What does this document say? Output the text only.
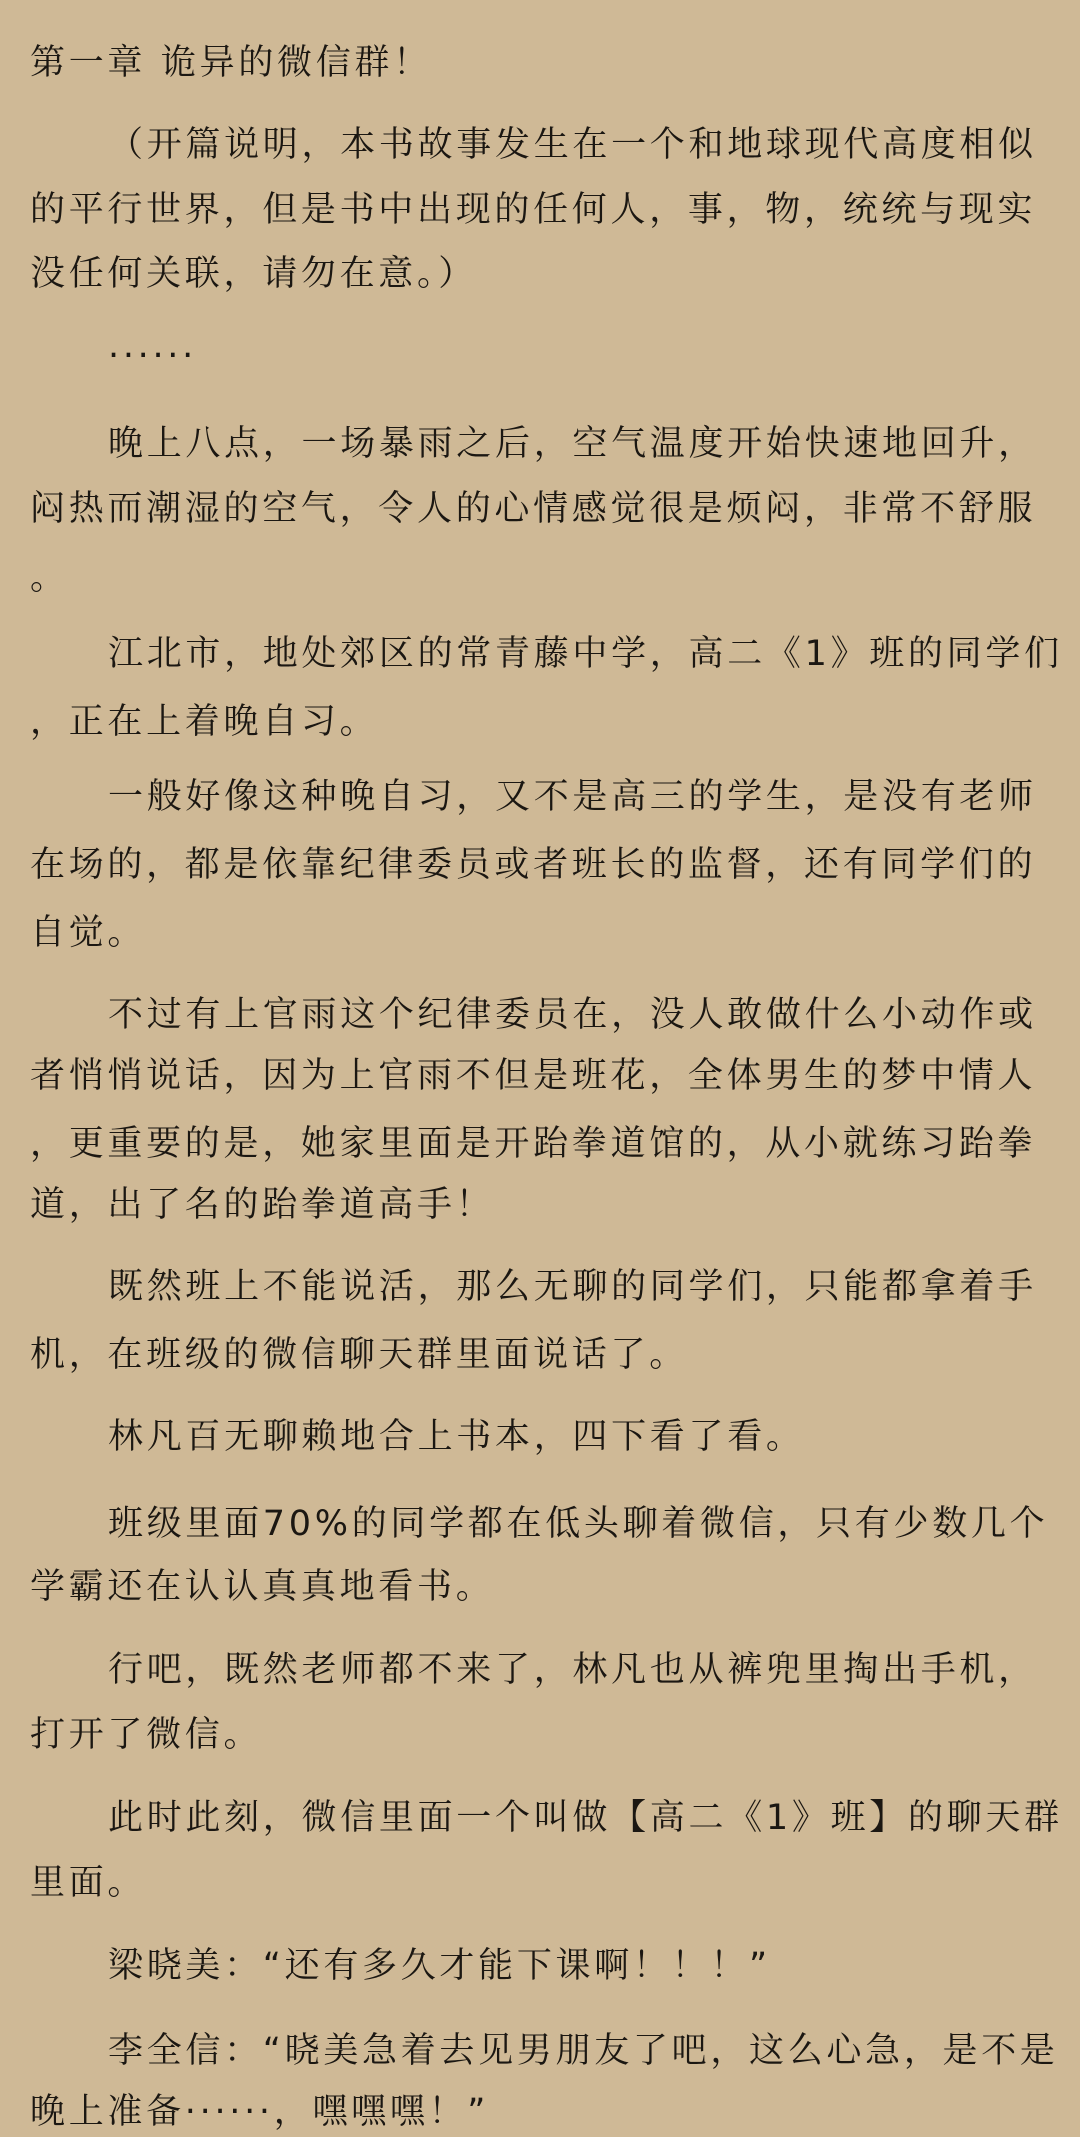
第一章 诡异的微信群！
（开篇说明，本书故事发生在一个和地球现代高度相似
的平行世界，但是书中出现的任何人，事，物，统统与现实
没任何关联，请勿在意。）
······
晚上八点，一场暴雨之后，空气温度开始快速地回升，
闷热而潮湿的空气，令人的心情感觉很是烦闷，非常不舒服
。
江北市，地处郊区的常青藤中学，高二《1》班的同学们
，正在上着晚自习。
一般好像这种晚自习，又不是高三的学生，是没有老师
在场的，都是依靠纪律委员或者班长的监督，还有同学们的
自觉。
不过有上官雨这个纪律委员在，没人敢做什么小动作或
者悄悄说话，因为上官雨不但是班花，全体男生的梦中情人
，更重要的是，她家里面是开跆拳道馆的，从小就练习跆拳
道，出了名的跆拳道高手！
既然班上不能说活，那么无聊的同学们，只能都拿着手
机，在班级的微信聊天群里面说话了。
林凡百无聊赖地合上书本，四下看了看。
班级里面70%的同学都在低头聊着微信，只有少数几个
学霸还在认认真真地看书。
行吧，既然老师都不来了，林凡也从裤兜里掏出手机，
打开了微信。
此时此刻，微信里面一个叫做【高二《1》班】的聊天群
里面。
梁晓美：“还有多久才能下课啊！！！”
李全信：“晓美急着去见男朋友了吧，这么心急，是不是
晚上准备······，嘿嘿嘿！”
